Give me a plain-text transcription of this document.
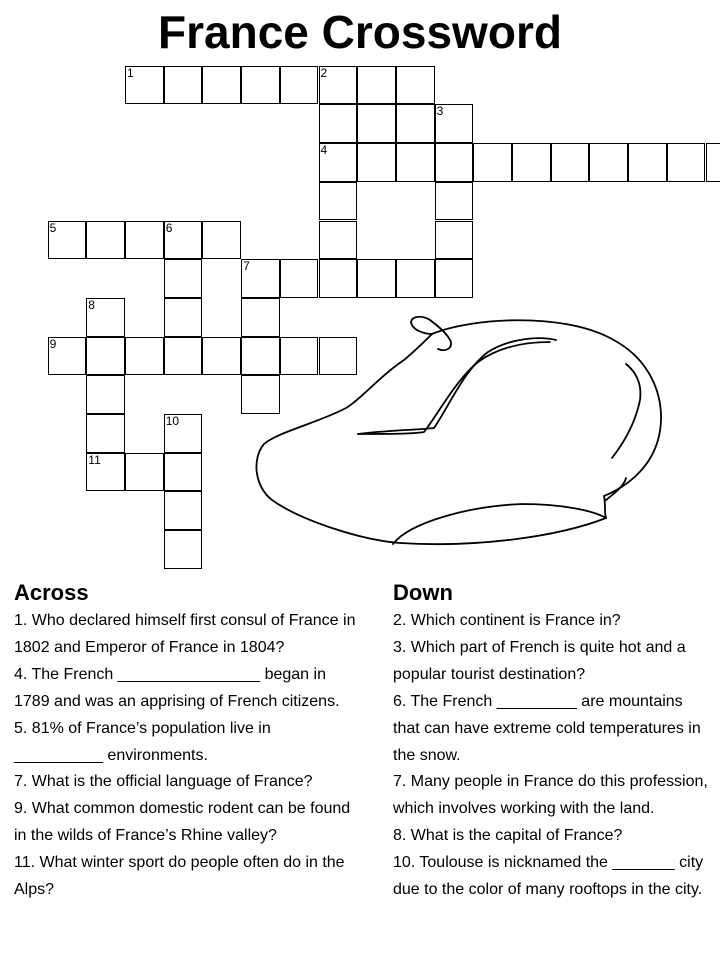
France Crossword
1	2
3
4
5	6
7
8
9
10
11
Across

1. Who declared himself first consul of France in 1802 and Emperor of France in 1804?

4. The French ________________ began in 1789 and was an apprising of French citizens.

5. 81% of France’s population live in __________ environments.

7. What is the official language of France?

9. What common domestic rodent can be found in the wilds of France’s Rhine valley?

11. What winter sport do people often do in the Alps?

Down

2. Which continent is France in?

3. Which part of French is quite hot and a popular tourist destination?

6. The French _________ are mountains that can have extreme cold temperatures in the snow.

7. Many people in France do this profession, which involves working with the land.

8. What is the capital of France?

10. Toulouse is nicknamed the _______ city due to the color of many rooftops in the city.
